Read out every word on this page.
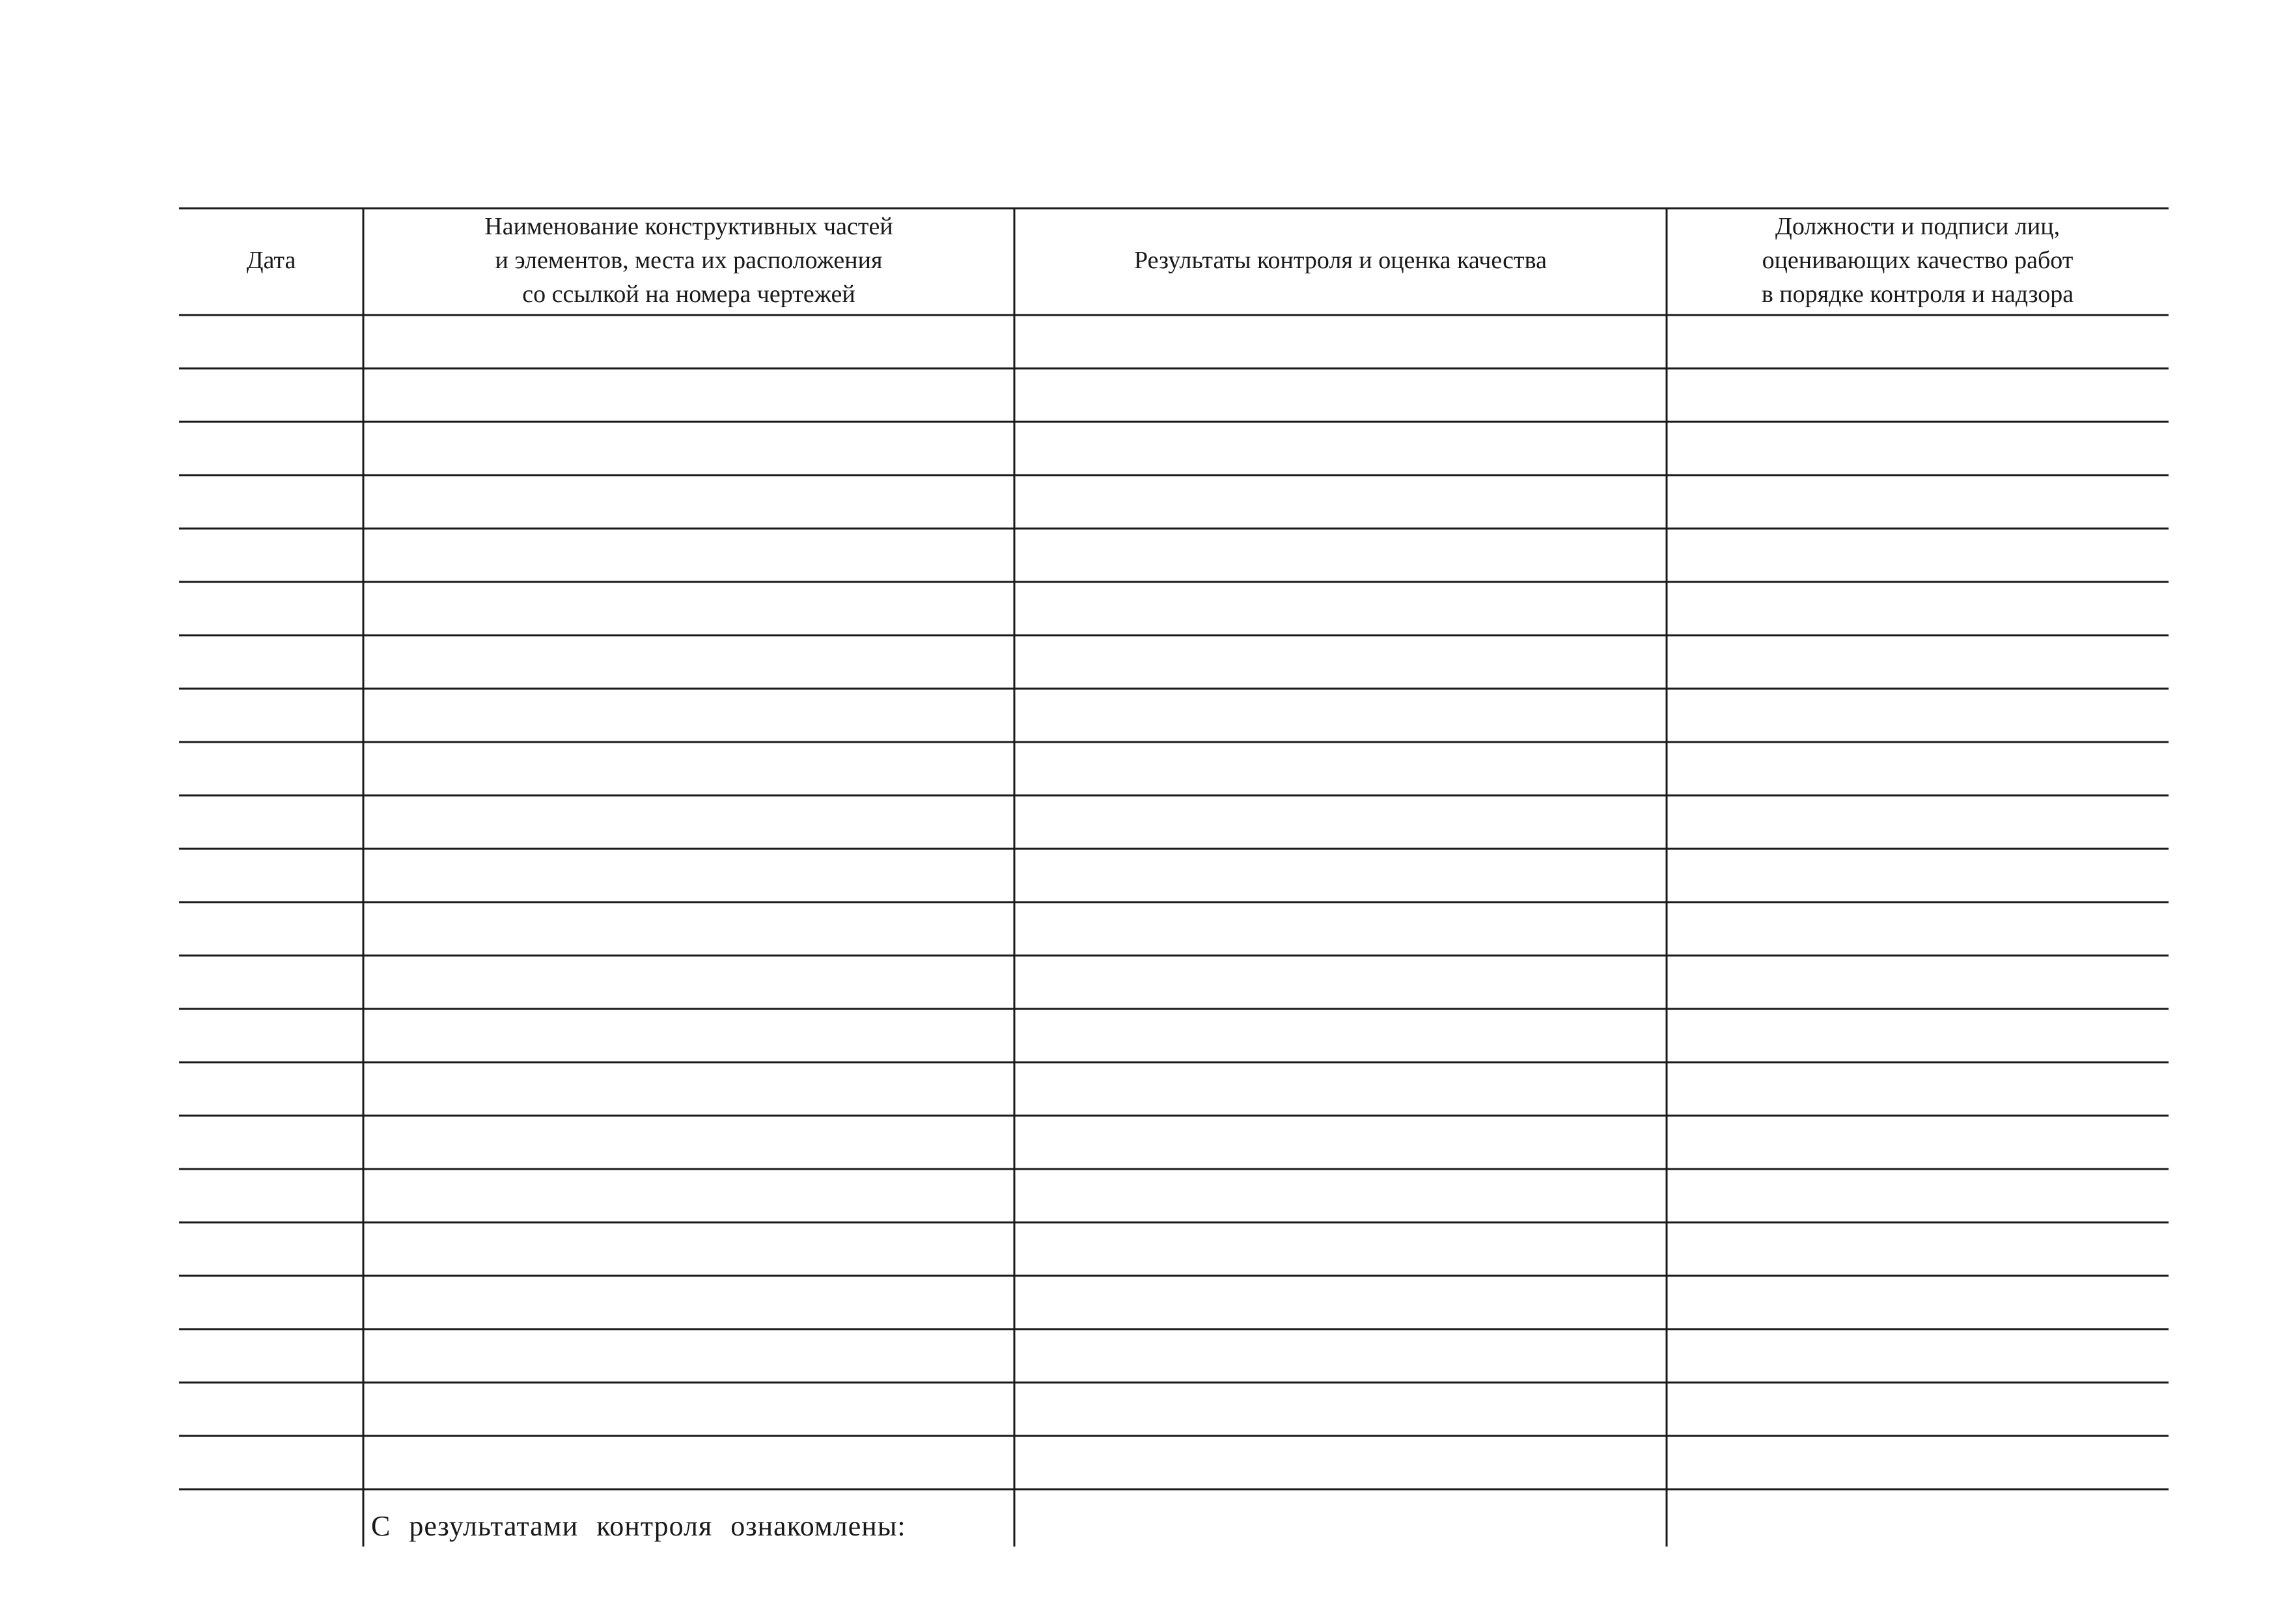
Дата
Наименование конструктивных частей
и элементов, места их расположения
со ссылкой на номера чертежей
Результаты контроля и оценка качества
Должности и подписи лиц,
оценивающих качество работ
в порядке контроля и надзора
С результатами контроля ознакомлены:
